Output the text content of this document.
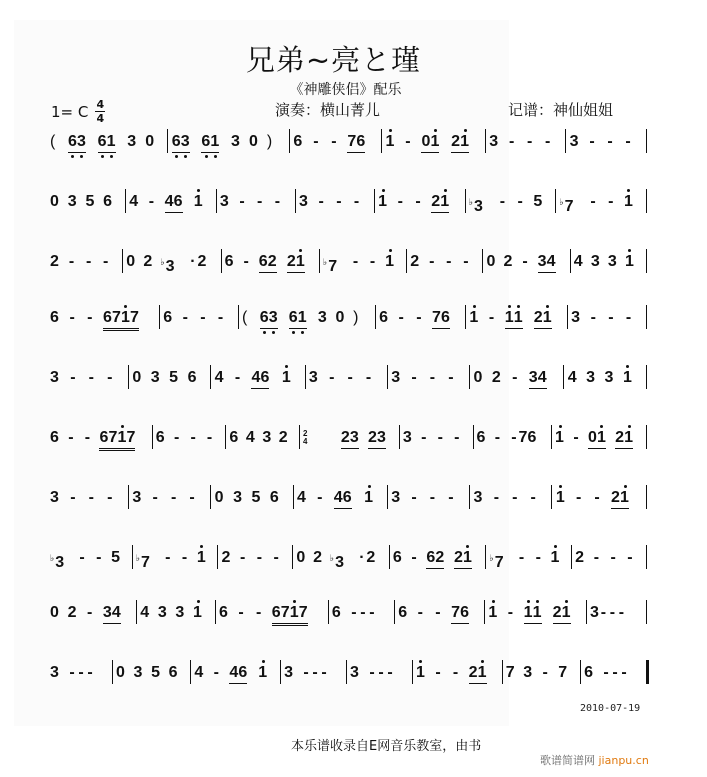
兄弟~亮と瑾
《神雕侠侣》配乐
1= C $\frac{4}{4}$	演奏：横山菁儿	记谱：神仙姐姐
( 63 61 3 0 63 61 3 0 ) 6 - - 76 1 - 01 21 3 - - - 3 - - -
0 3 5 6 4 - 46 1 3 - - - 3 - - - 1 - - 21 ♭3 - - 5 ♭7 - - 1
2 - - - 0 2 ♭3 · 2 6 - 62 21 ♭7 - - 1 2 - - - 0 2 - 34 4 3 3 1
6 - - 6717 6 - - - ( 63 61 3 0 ) 6 - - 76 1 - 11 21 3 - - -
3 - - - 0 3 5 6 4 - 46 1 3 - - - 3 - - - 0 2 - 34 4 3 3 1
6 - - 6717 6 - - - 6 4 3 2 2
4 23 23 3 - - - 6 - - 76 1 - 01 21
3 - - - 3 - - - 0 3 5 6 4 - 46 1 3 - - - 3 - - - 1 - - 21
♭3 - - 5 ♭7 - - 1 2 - - - 0 2 ♭3 · 2 6 - 62 21 ♭7 - - 1 2 - - -
0 2 - 34 4 3 3 1 6 - - 6717 6 - - - 6 - - 76 1 - 11 21 3 - - -
3 - - - 0 3 5 6 4 - 46 1 3 - - - 3 - - - 1 - - 21 7 3 - 7 6 - - -
2010-07-19
本乐谱收录自E网音乐教室，由书
歌谱简谱网 jianpu.cn
